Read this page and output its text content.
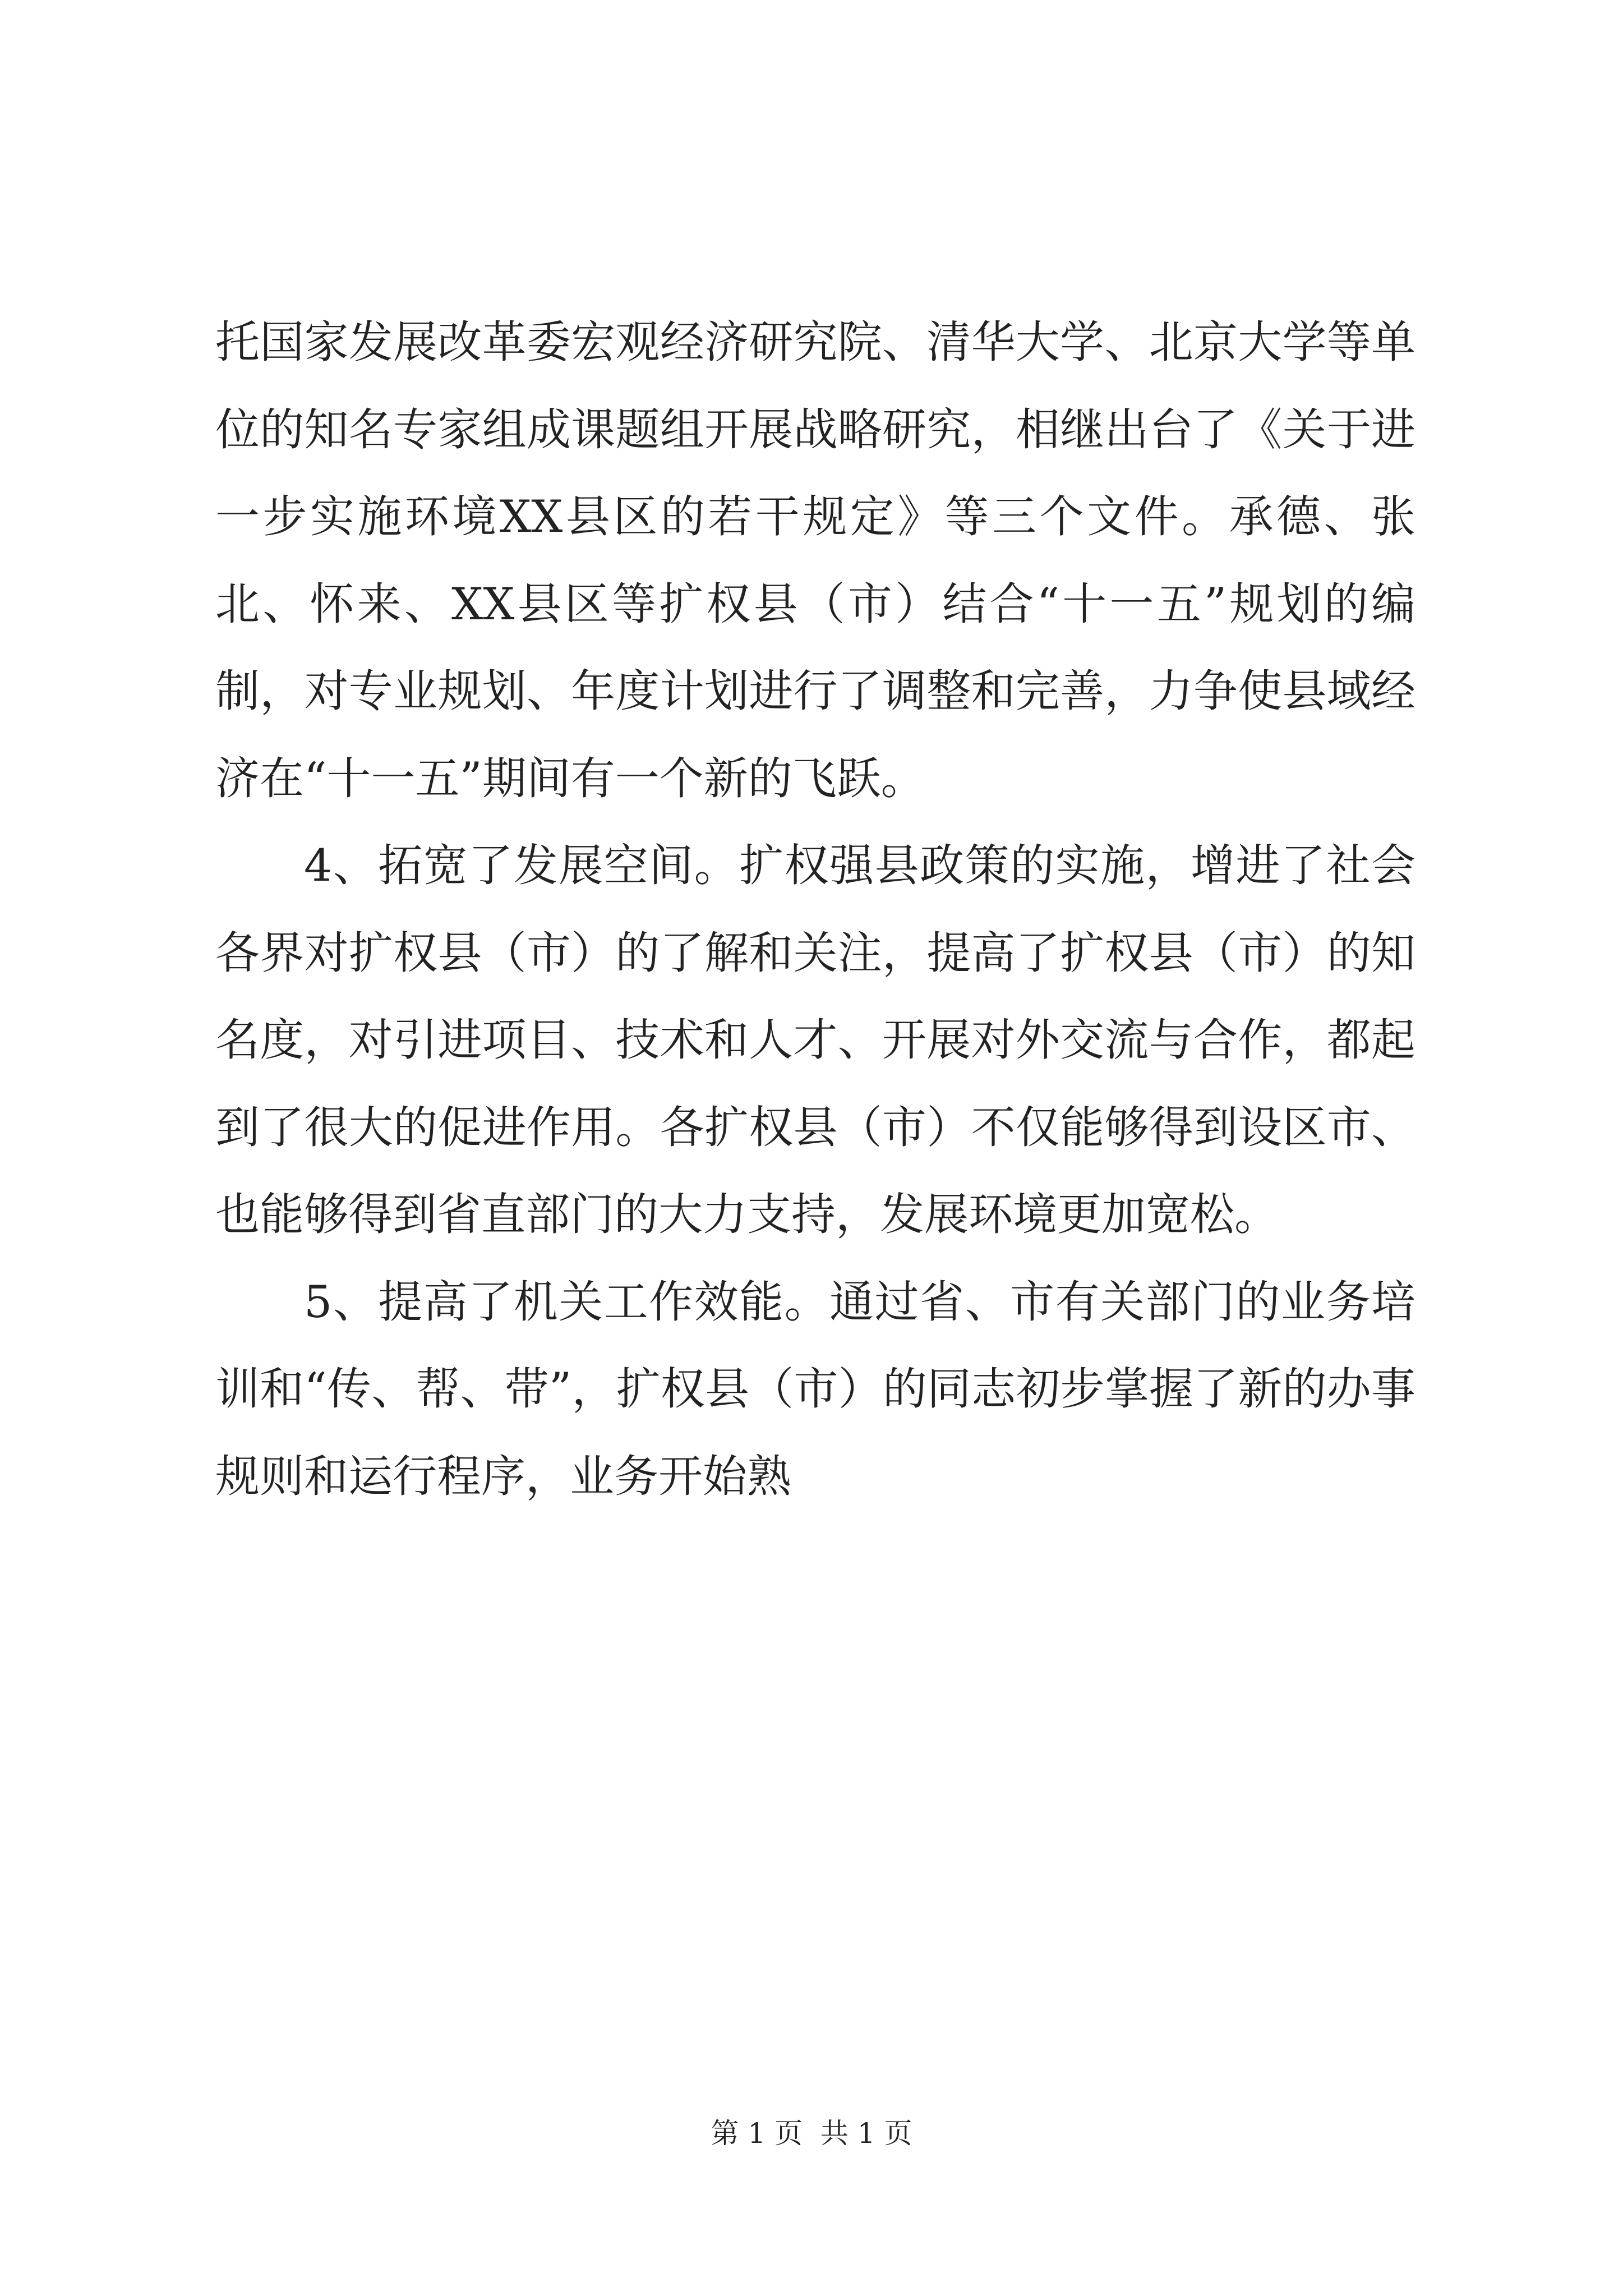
托国家发展改革委宏观经济研究院、清华大学、北京大学等单位的知名专家组成课题组开展战略研究，相继出台了《关于进一步实施环境XX县区的若干规定》等三个文件。承德、张北、怀来、XX县区等扩权县（市）结合“十一五”规划的编制，对专业规划、年度计划进行了调整和完善，力争使县域经济在“十一五”期间有一个新的飞跃。

4、拓宽了发展空间。扩权强县政策的实施，增进了社会各界对扩权县（市）的了解和关注，提高了扩权县（市）的知名度，对引进项目、技术和人才、开展对外交流与合作，都起到了很大的促进作用。各扩权县（市）不仅能够得到设区市、也能够得到省直部门的大力支持，发展环境更加宽松。

5、提高了机关工作效能。通过省、市有关部门的业务培训和“传、帮、带”，扩权县（市）的同志初步掌握了新的办事规则和运行程序，业务开始熟

第 1 页  共 1 页
